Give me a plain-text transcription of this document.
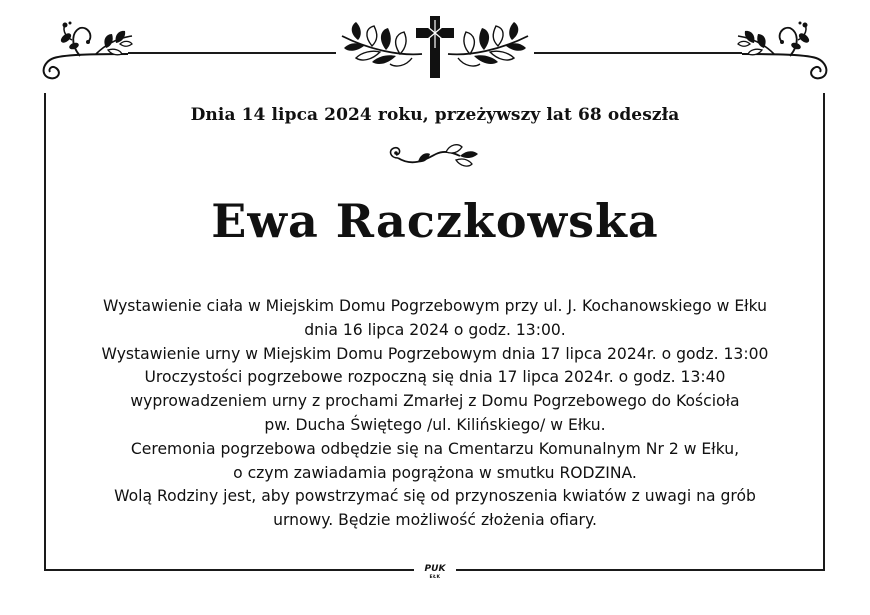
Dnia 14 lipca 2024 roku, przeżywszy lat 68 odeszła
Ewa Raczkowska
Wystawienie ciała w Miejskim Domu Pogrzebowym przy ul. J. Kochanowskiego w Ełku
dnia 16 lipca 2024 o godz. 13:00.
Wystawienie urny w Miejskim Domu Pogrzebowym dnia 17 lipca 2024r. o godz. 13:00
Uroczystości pogrzebowe rozpoczną się dnia 17 lipca 2024r. o godz. 13:40
wyprowadzeniem urny z prochami Zmarłej z Domu Pogrzebowego do Kościoła
pw. Ducha Świętego /ul. Kilińskiego/ w Ełku.
Ceremonia pogrzebowa odbędzie się na Cmentarzu Komunalnym Nr 2 w Ełku,
o czym zawiadamia pogrążona w smutku RODZINA.
Wolą Rodziny jest, aby powstrzymać się od przynoszenia kwiatów z uwagi na grób
urnowy. Będzie możliwość złożenia ofiary.
PUK
EŁK
